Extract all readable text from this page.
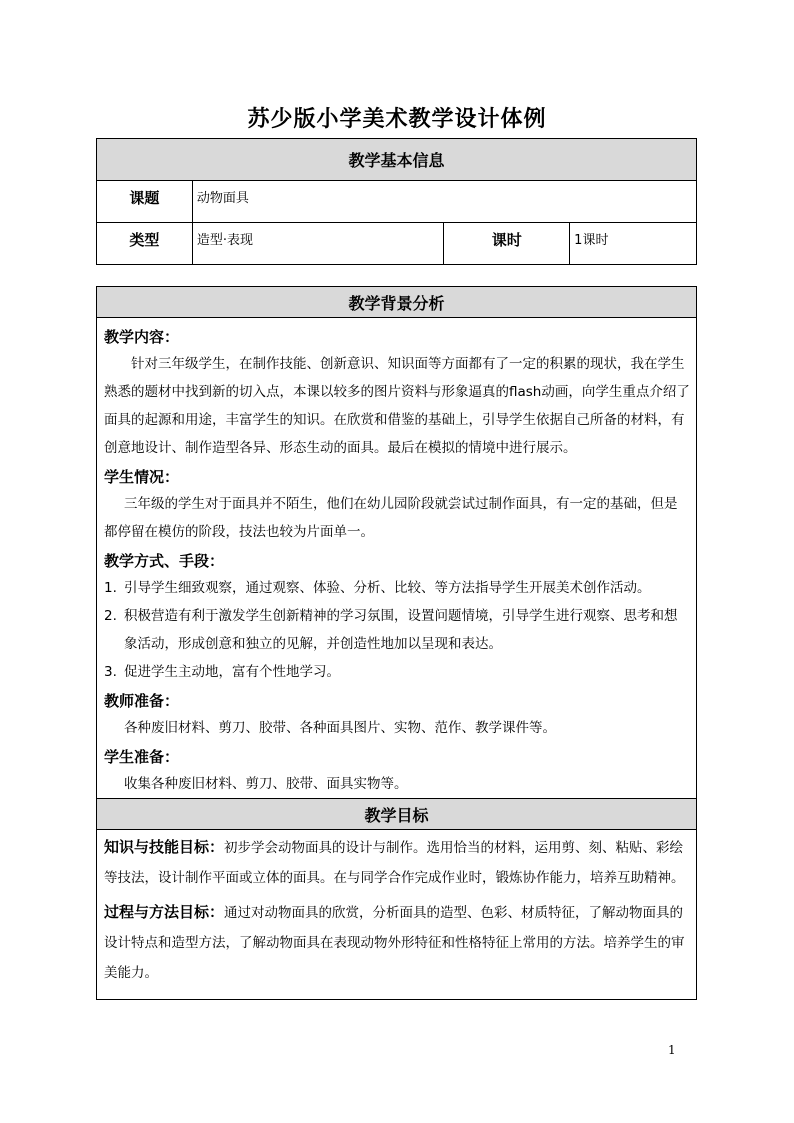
苏少版小学美术教学设计体例
教学基本信息			
课题	动物面具		
类型	造型·表现	课时	1课时
教学背景分析

教学内容：

针对三年级学生，在制作技能、创新意识、知识面等方面都有了一定的积累的现状，我在学生熟悉的题材中找到新的切入点，本课以较多的图片资料与形象逼真的flash动画，向学生重点介绍了面具的起源和用途，丰富学生的知识。在欣赏和借鉴的基础上，引导学生依据自己所备的材料，有创意地设计、制作造型各异、形态生动的面具。最后在模拟的情境中进行展示。

学生情况：

三年级的学生对于面具并不陌生，他们在幼儿园阶段就尝试过制作面具，有一定的基础，但是都停留在模仿的阶段，技法也较为片面单一。

教学方式、手段：
1. 引导学生细致观察，通过观察、体验、分析、比较、等方法指导学生开展美术创作活动。
2. 积极营造有利于激发学生创新精神的学习氛围，设置问题情境，引导学生进行观察、思考和想象活动，形成创意和独立的见解，并创造性地加以呈现和表达。
3. 促进学生主动地，富有个性地学习。
教师准备：

各种废旧材料、剪刀、胶带、各种面具图片、实物、范作、教学课件等。

学生准备：

收集各种废旧材料、剪刀、胶带、面具实物等。

教学目标

知识与技能目标：初步学会动物面具的设计与制作。选用恰当的材料，运用剪、刻、粘贴、彩绘等技法，设计制作平面或立体的面具。在与同学合作完成作业时，锻炼协作能力，培养互助精神。

过程与方法目标：通过对动物面具的欣赏，分析面具的造型、色彩、材质特征，了解动物面具的设计特点和造型方法，了解动物面具在表现动物外形特征和性格特征上常用的方法。培养学生的审美能力。

1
